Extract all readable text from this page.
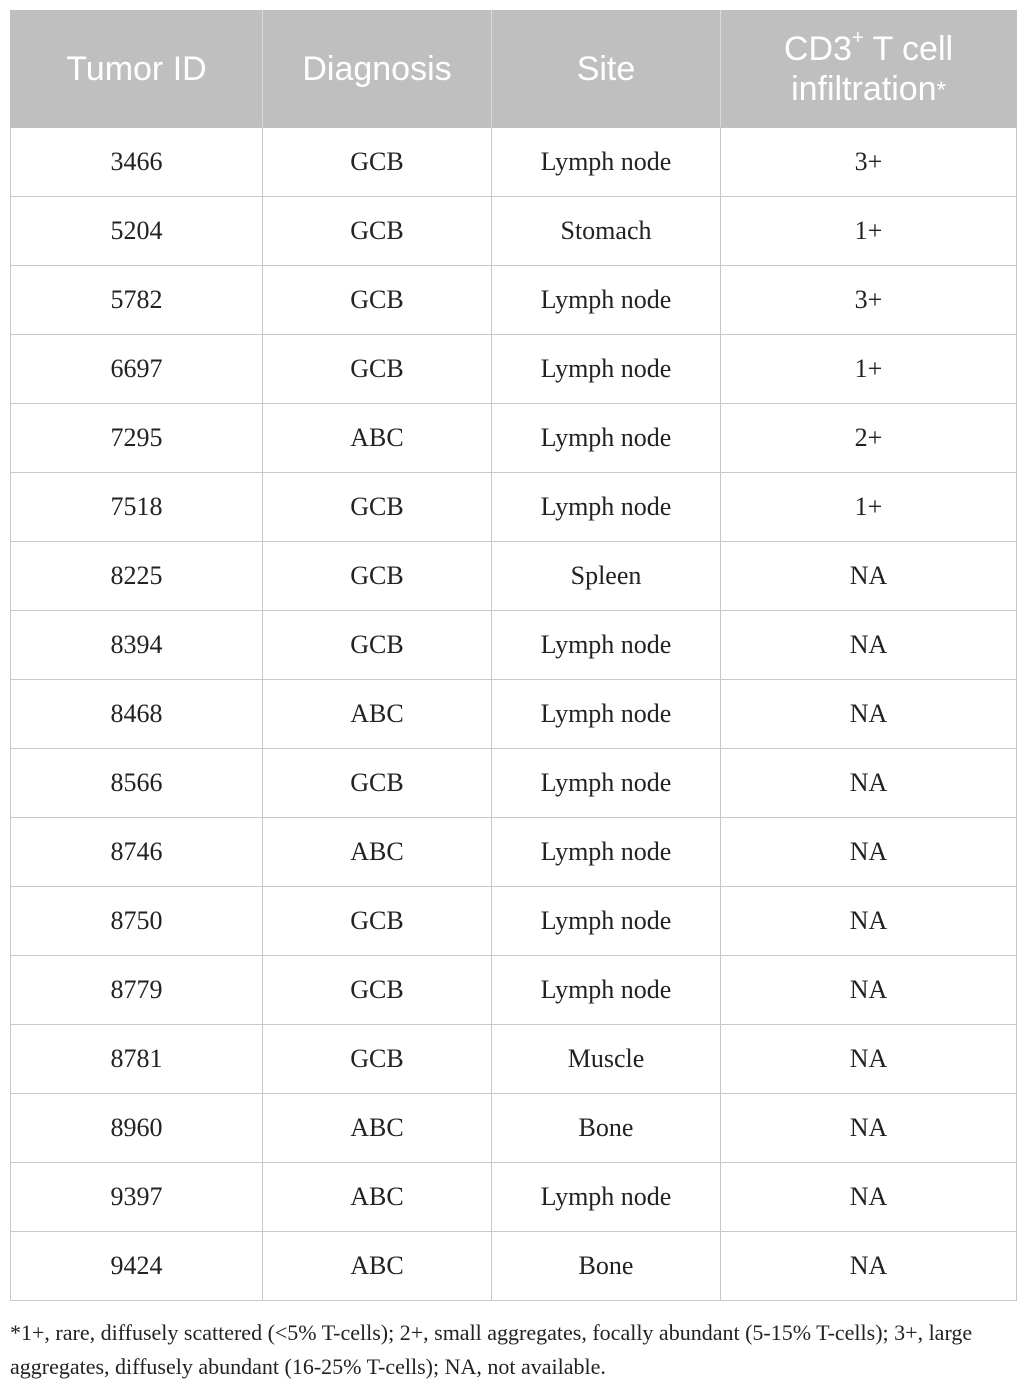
Tumor ID	Diagnosis	Site	CD3+ T cell
infiltration*
3466	GCB	Lymph node	3+
5204	GCB	Stomach	1+
5782	GCB	Lymph node	3+
6697	GCB	Lymph node	1+
7295	ABC	Lymph node	2+
7518	GCB	Lymph node	1+
8225	GCB	Spleen	NA
8394	GCB	Lymph node	NA
8468	ABC	Lymph node	NA
8566	GCB	Lymph node	NA
8746	ABC	Lymph node	NA
8750	GCB	Lymph node	NA
8779	GCB	Lymph node	NA
8781	GCB	Muscle	NA
8960	ABC	Bone	NA
9397	ABC	Lymph node	NA
9424	ABC	Bone	NA
*1+, rare, diffusely scattered (<5% T-cells); 2+, small aggregates, focally abundant (5-15% T-cells); 3+, large aggregates, diffusely abundant (16-25% T-cells); NA, not available.
